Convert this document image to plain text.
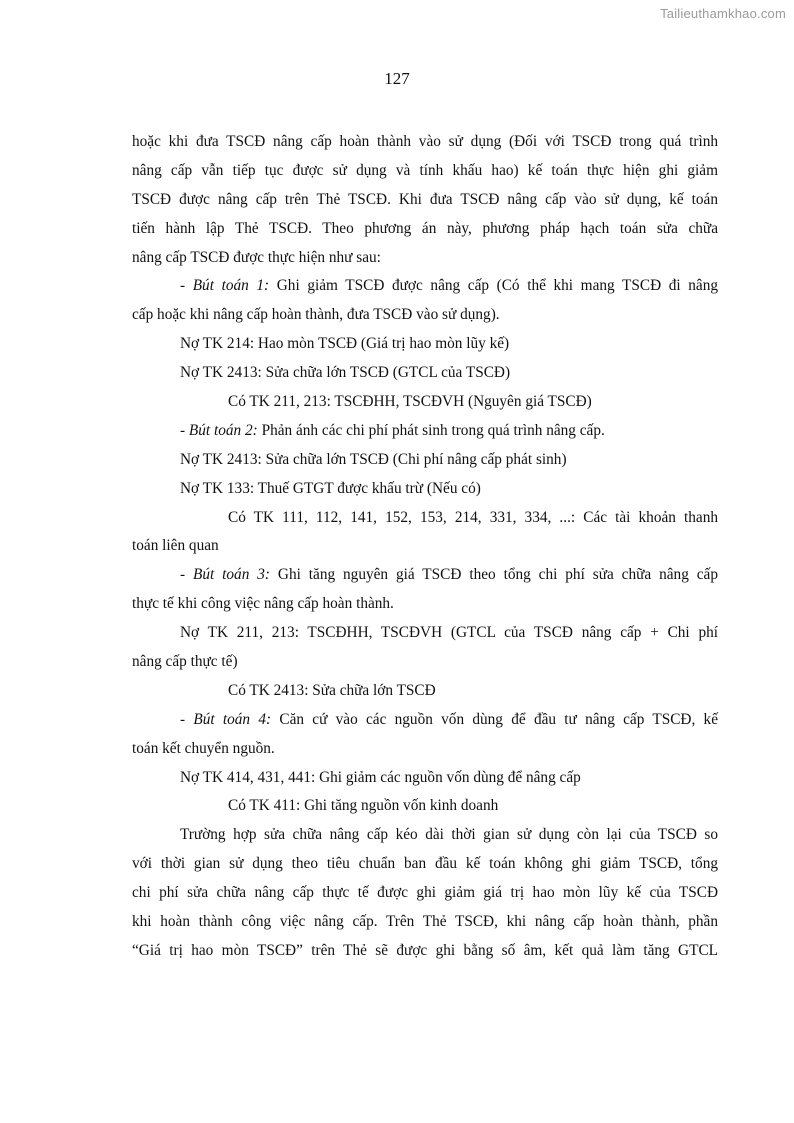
Tailieuthamkhao.com
127
hoặc khi đưa TSCĐ nâng cấp hoàn thành vào sử dụng (Đối với TSCĐ trong quá trình
nâng cấp vẫn tiếp tục được sử dụng và tính khấu hao) kế toán thực hiện ghi giảm
TSCĐ được nâng cấp trên Thẻ TSCĐ. Khi đưa TSCĐ nâng cấp vào sử dụng, kế toán
tiến hành lập Thẻ TSCĐ. Theo phương án này, phương pháp hạch toán sửa chữa
nâng cấp TSCĐ được thực hiện như sau:
- Bút toán 1: Ghi giảm TSCĐ được nâng cấp (Có thể khi mang TSCĐ đi nâng
cấp hoặc khi nâng cấp hoàn thành, đưa TSCĐ vào sử dụng).
Nợ TK 214: Hao mòn TSCĐ (Giá trị hao mòn lũy kế)
Nợ TK 2413: Sửa chữa lớn TSCĐ (GTCL của TSCĐ)
Có TK 211, 213: TSCĐHH, TSCĐVH (Nguyên giá TSCĐ)
- Bút toán 2: Phản ánh các chi phí phát sinh trong quá trình nâng cấp.
Nợ TK 2413: Sửa chữa lớn TSCĐ (Chi phí nâng cấp phát sinh)
Nợ TK 133: Thuế GTGT được khấu trừ (Nếu có)
Có TK 111, 112, 141, 152, 153, 214, 331, 334, ...: Các tài khoản thanh
toán liên quan
- Bút toán 3: Ghi tăng nguyên giá TSCĐ theo tổng chi phí sửa chữa nâng cấp
thực tế khi công việc nâng cấp hoàn thành.
Nợ TK 211, 213: TSCĐHH, TSCĐVH (GTCL của TSCĐ nâng cấp + Chi phí
nâng cấp thực tế)
Có TK 2413: Sửa chữa lớn TSCĐ
- Bút toán 4: Căn cứ vào các nguồn vốn dùng để đầu tư nâng cấp TSCĐ, kế
toán kết chuyển nguồn.
Nợ TK 414, 431, 441: Ghi giảm các nguồn vốn dùng để nâng cấp
Có TK 411: Ghi tăng nguồn vốn kinh doanh
Trường hợp sửa chữa nâng cấp kéo dài thời gian sử dụng còn lại của TSCĐ so
với thời gian sử dụng theo tiêu chuẩn ban đầu kế toán không ghi giảm TSCĐ, tổng
chi phí sửa chữa nâng cấp thực tế được ghi giảm giá trị hao mòn lũy kế của TSCĐ
khi hoàn thành công việc nâng cấp. Trên Thẻ TSCĐ, khi nâng cấp hoàn thành, phần
“Giá trị hao mòn TSCĐ” trên Thẻ sẽ được ghi bằng số âm, kết quả làm tăng GTCL
